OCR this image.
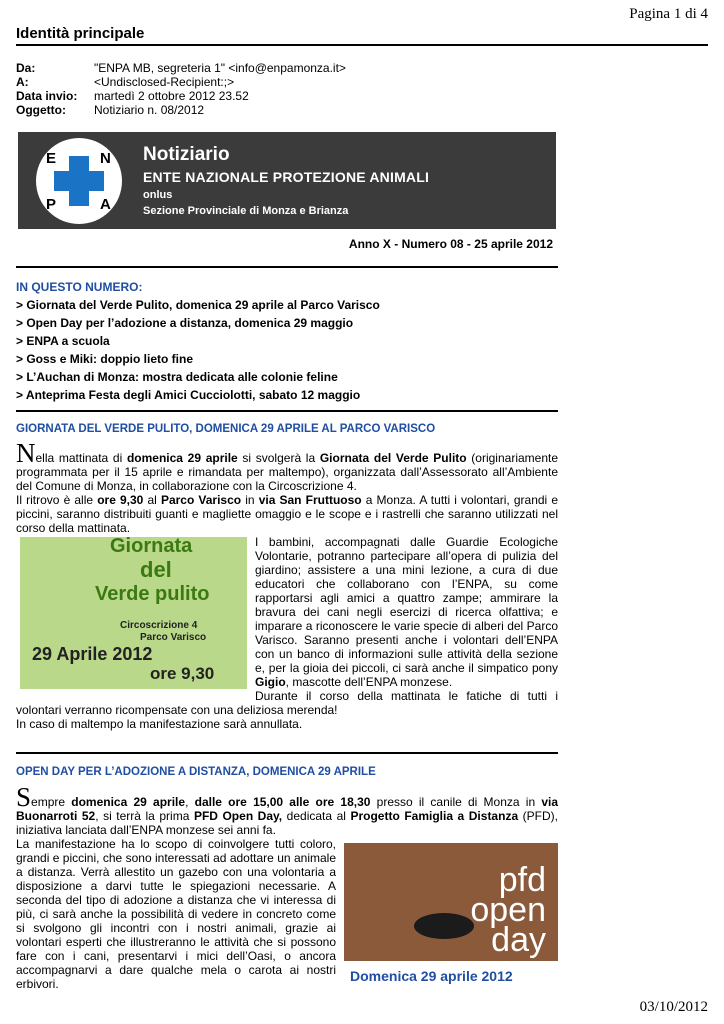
Pagina 1 di 4
Identità principale
Da:	"ENPA MB, segreteria 1" <info@enpamonza.it>
A:	<Undisclosed-Recipient:;>
Data invio:	martedì 2 ottobre 2012 23.52
Oggetto:	Notiziario n. 08/2012
E	N
P	A
Notiziario
ENTE NAZIONALE PROTEZIONE ANIMALI
onlus
Sezione Provinciale di Monza e Brianza
Anno X - Numero 08 - 25 aprile 2012
IN QUESTO NUMERO:
> Giornata del Verde Pulito, domenica 29 aprile al Parco Varisco
> Open Day per l’adozione a distanza, domenica 29 maggio
> ENPA a scuola
> Goss e Miki: doppio lieto fine
> L’Auchan di Monza: mostra dedicata alle colonie feline
> Anteprima Festa degli Amici Cucciolotti, sabato 12 maggio
GIORNATA DEL VERDE PULITO, DOMENICA 29 APRILE AL PARCO VARISCO

Nella mattinata di domenica 29 aprile si svolgerà la Giornata del Verde Pulito (originariamente programmata per il 15 aprile e rimandata per maltempo), organizzata dall’Assessorato all’Ambiente del Comune di Monza, in collaborazione con la Circoscrizione 4.

Il ritrovo è alle ore 9,30 al Parco Varisco in via San Fruttuoso a Monza. A tutti i volontari, grandi e piccini, saranno distribuiti guanti e magliette omaggio e le scope e i rastrelli che saranno utilizzati nel corso della mattinata.

Giornata
del
Verde pulito
Circoscrizione 4
Parco Varisco
29 Aprile 2012
ore 9,30

I bambini, accompagnati dalle Guardie Ecologiche Volontarie, potranno partecipare all’opera di pulizia del giardino; assistere a una mini lezione, a cura di due educatori che collaborano con l’ENPA, su come rapportarsi agli amici a quattro zampe; ammirare la bravura dei cani negli esercizi di ricerca olfattiva; e imparare a riconoscere le varie specie di alberi del Parco Varisco. Saranno presenti anche i volontari dell’ENPA con un banco di informazioni sulle attività della sezione e, per la gioia dei piccoli, ci sarà anche il simpatico pony Gigio, mascotte dell’ENPA monzese.

Durante il corso della mattinata le fatiche di tutti i volontari verranno ricompensate con una deliziosa merenda!

In caso di maltempo la manifestazione sarà annullata.

OPEN DAY PER L’ADOZIONE A DISTANZA, DOMENICA 29 APRILE

Sempre domenica 29 aprile, dalle ore 15,00 alle ore 18,30 presso il canile di Monza in via Buonarroti 52, si terrà la prima PFD Open Day, dedicata al Progetto Famiglia a Distanza (PFD), iniziativa lanciata dall’ENPA monzese sei anni fa.

pfd
open
day
Domenica 29 aprile 2012

La manifestazione ha lo scopo di coinvolgere tutti coloro, grandi e piccini, che sono interessati ad adottare un animale a distanza. Verrà allestito un gazebo con una volontaria a disposizione a darvi tutte le spiegazioni necessarie. A seconda del tipo di adozione a distanza che vi interessa di più, ci sarà anche la possibilità di vedere in concreto come si svolgono gli incontri con i nostri animali, grazie ai volontari esperti che illustreranno le attività che si possono fare con i cani, presentarvi i mici dell’Oasi, o ancora accompagnarvi a dare qualche mela o carota ai nostri erbivori.

03/10/2012
